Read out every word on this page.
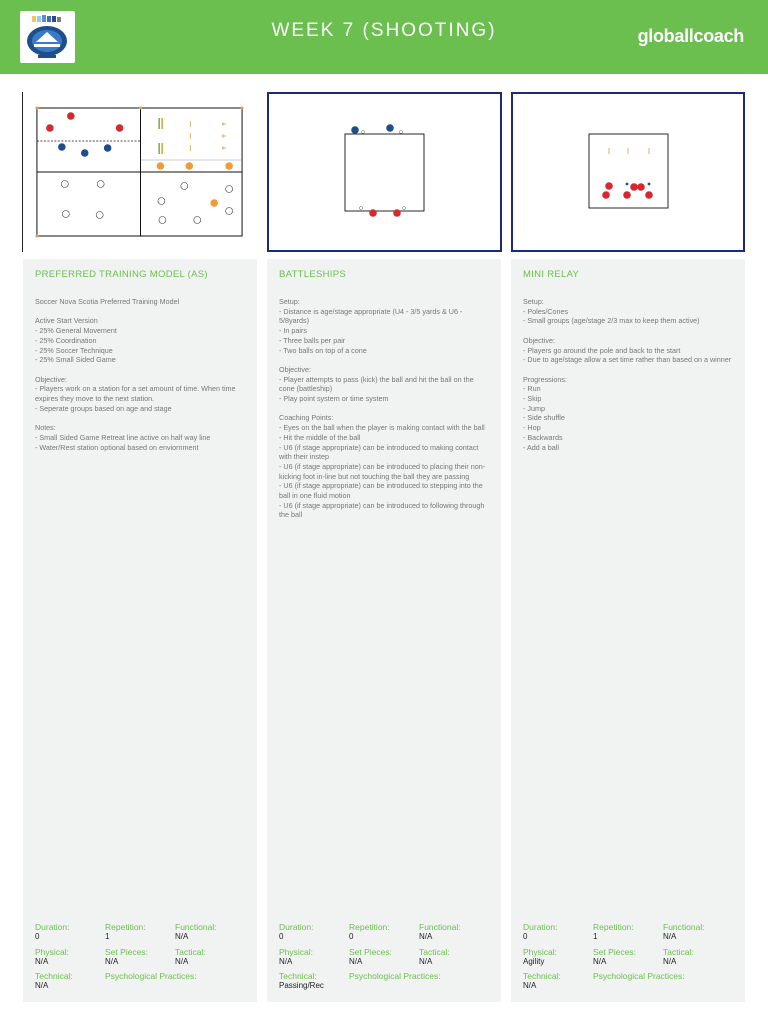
WEEK 7 (SHOOTING)	globallcoach
PREFERRED TRAINING MODEL (AS)
Soccer Nova Scotia Preferred Training Model

Active Start Version
- 25% General Movement
- 25% Coordination
- 25% Soccer Technique
- 25% Small Sided Game

Objective:
- Players work on a station for a set amount of time. When time expires they move to the next station.
- Seperate groups based on age and stage

Notes:
- Small Sided Game Retreat line active on half way line
- Water/Rest station optional based on enviornment
Duration:
0
Repetition:
1
Functional:
N/A
Physical:
N/A
Set Pieces:
N/A
Tactical:
N/A
Technical:
N/A
Psychological Practices:
BATTLESHIPS
Setup:
- Distance is age/stage appropriate (U4 - 3/5 yards & U6 - 5/8yards)
- In pairs
- Three balls per pair
- Two balls on top of a cone

Objective:
- Player attempts to pass (kick) the ball and hit the ball on the cone (battleship)
- Play point system or time system

Coaching Points:
- Eyes on the ball when the player is making contact with the ball
- Hit the middle of the ball
- U6 (if stage appropriate) can be introduced to making contact with their instep
- U6 (if stage appropriate) can be introduced to placing their non-kicking foot in-line but not touching the ball they are passing
- U6 (if stage appropriate) can be introduced to stepping into the ball in one fluid motion
- U6 (if stage appropriate) can be introduced to following through the ball
Duration:
0
Repetition:
0
Functional:
N/A
Physical:
N/A
Set Pieces:
N/A
Tactical:
N/A
Technical:
Passing/Rec
Psychological Practices:
MINI RELAY
Setup:
- Poles/Cones
- Small groups (age/stage 2/3 max to keep them active)

Objective:
- Players go around the pole and back to the start
- Due to age/stage allow a set time rather than based on a winner

Progressions:
- Run
- Skip
- Jump
- Side shuffle
- Hop
- Backwards
- Add a ball
Duration:
0
Repetition:
1
Functional:
N/A
Physical:
Agility
Set Pieces:
N/A
Tactical:
N/A
Technical:
N/A
Psychological Practices:
